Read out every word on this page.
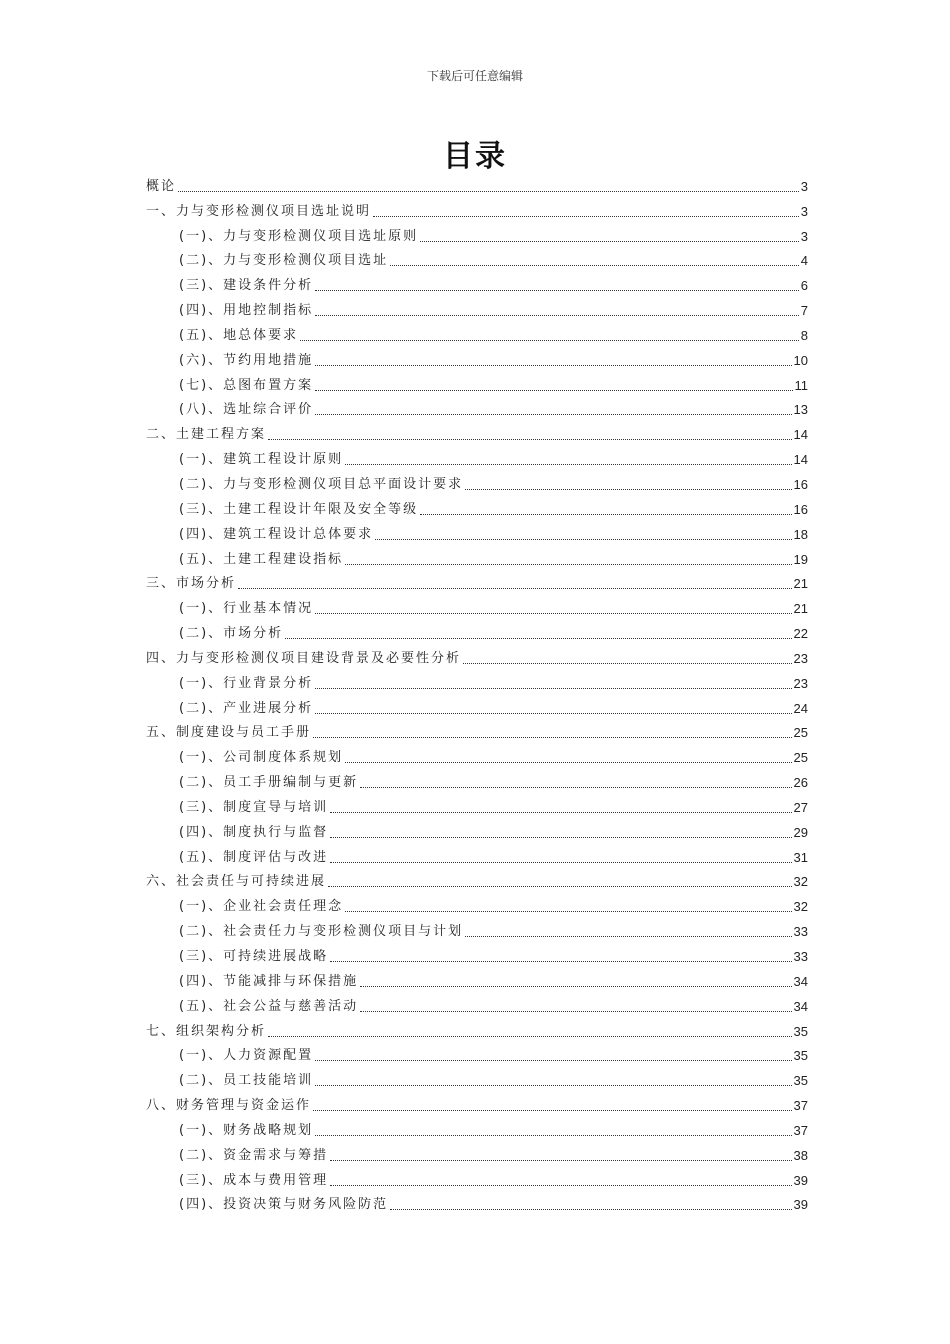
下载后可任意编辑
目录
概论	3
一、力与变形检测仪项目选址说明	3
(一)、力与变形检测仪项目选址原则	3
(二)、力与变形检测仪项目选址	4
(三)、建设条件分析	6
(四)、用地控制指标	7
(五)、地总体要求	8
(六)、节约用地措施	10
(七)、总图布置方案	11
(八)、选址综合评价	13
二、土建工程方案	14
(一)、建筑工程设计原则	14
(二)、力与变形检测仪项目总平面设计要求	16
(三)、土建工程设计年限及安全等级	16
(四)、建筑工程设计总体要求	18
(五)、土建工程建设指标	19
三、市场分析	21
(一)、行业基本情况	21
(二)、市场分析	22
四、力与变形检测仪项目建设背景及必要性分析	23
(一)、行业背景分析	23
(二)、产业进展分析	24
五、制度建设与员工手册	25
(一)、公司制度体系规划	25
(二)、员工手册编制与更新	26
(三)、制度宣导与培训	27
(四)、制度执行与监督	29
(五)、制度评估与改进	31
六、社会责任与可持续进展	32
(一)、企业社会责任理念	32
(二)、社会责任力与变形检测仪项目与计划	33
(三)、可持续进展战略	33
(四)、节能减排与环保措施	34
(五)、社会公益与慈善活动	34
七、组织架构分析	35
(一)、人力资源配置	35
(二)、员工技能培训	35
八、财务管理与资金运作	37
(一)、财务战略规划	37
(二)、资金需求与筹措	38
(三)、成本与费用管理	39
(四)、投资决策与财务风险防范	39
